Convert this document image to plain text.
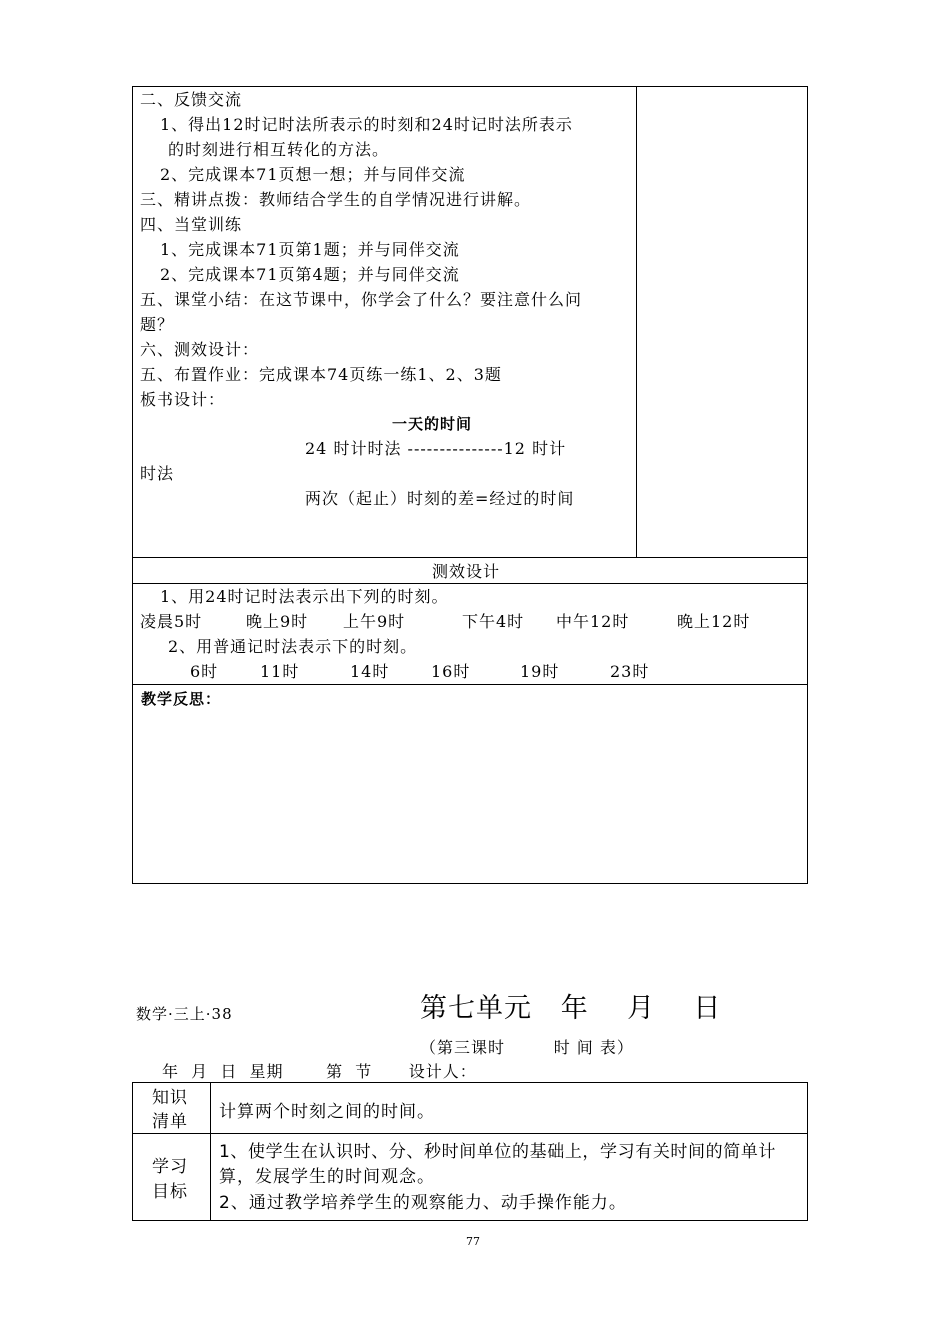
二、反馈交流
1、得出12时记时法所表示的时刻和24时记时法所表示
的时刻进行相互转化的方法。
2、完成课本71页想一想；并与同伴交流
三、精讲点拨：教师结合学生的自学情况进行讲解。
四、当堂训练
1、完成课本71页第1题；并与同伴交流
2、完成课本71页第4题；并与同伴交流
五、课堂小结：在这节课中，你学会了什么？要注意什么问
题？
六、测效设计：
五、布置作业：完成课本74页练一练1、2、3题
板书设计：
一天的时间
24 时计时法 ---------------12 时计
时法
两次（起止）时刻的差=经过的时间
测效设计
1、用24时记时法表示出下列的时刻。
凌晨5时	晚上9时 上午9时	下午4时 中午12时	晚上12时
2、用普通记时法表示下的时刻。
6时	11时	14时	16时	19时	23时
教学反思：
数学·三上·38	第七单元   年    月    日
（第三课时        时 间 表）
年  月  日  星期       第  节      设计人：
知识
清单 计算两个时刻之间的时间。
学习
目标
1、使学生在认识时、分、秒时间单位的基础上，学习有关时间的简单计
算，发展学生的时间观念。
2、通过教学培养学生的观察能力、动手操作能力。
77
